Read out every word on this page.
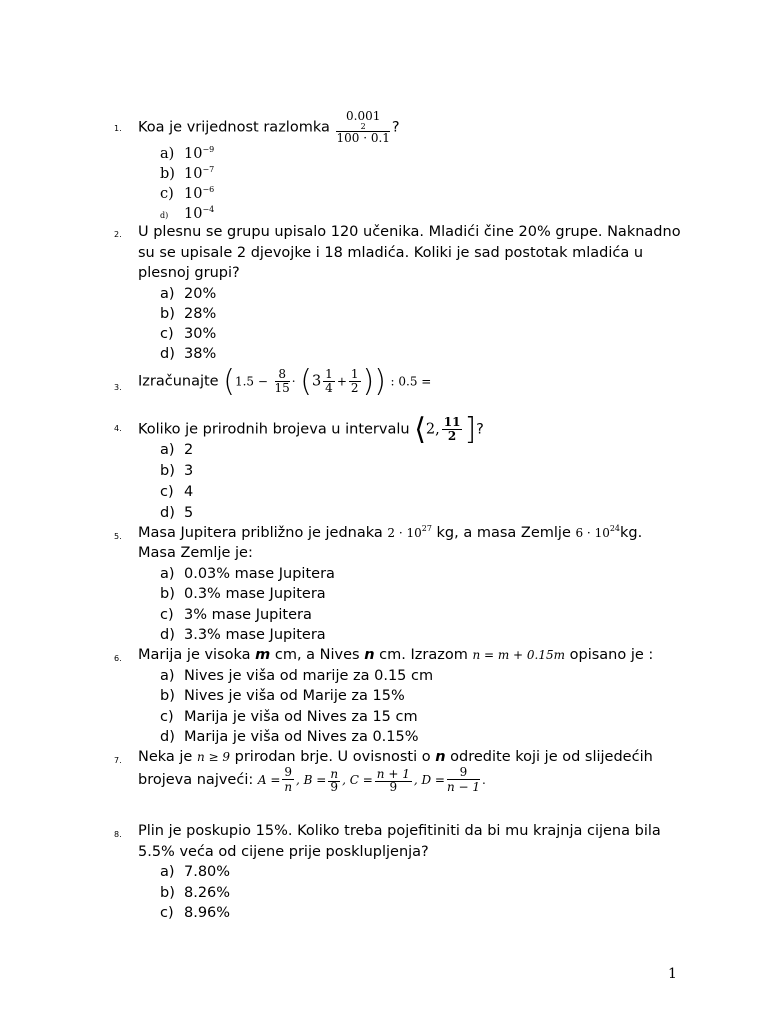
1. Koa je vrijednost razlomka 0.001
2
100 · 0.1 ?
a) $10^{-9}$
b) $10^{-7}$
c) $10^{-6}$
d) $10^{-4}$
2. U plesnu se grupu upisalo 120 učenika. Mladići čine 20% grupe. Naknadno
su se upisale 2 djevojke i 18 mladića. Koliki je sad postotak mladića u
plesnoj grupi?
a) 20%
b) 28%
c) 30%
d) 38%
3. Izračunajte ($1.5 - \frac{8}{15} \cdot (3 \frac{1}{4} + \frac{1}{2}$ )) : 0.5 =
4. Koliko je prirodnih brojeva u intervalu ⟨2, $\frac{11}{2}$ ]?
a) 2
b) 3
c) 4
d) 5
5. Masa Jupitera približno je jednaka $2 \cdot 10^{27}$ kg, a masa Zemlje $6 \cdot 10^{24}kg$.
Masa Zemlje je:
a) 0.03% mase Jupitera
b) 0.3% mase Jupitera
c) 3% mase Jupitera
d) 3.3% mase Jupitera
6. Marija je visoka m cm, a Nives n cm. Izrazom n = m + 0.15m opisano je :
a) Nives je viša od marije za 0.15 cm
b) Nives je viša od Marije za 15%
c) Marija je viša od Nives za 15 cm
d) Marija je viša od Nives za 0.15%
7. Neka je n ≥ 9 prirodan brje. U ovisnosti o n odredite koji je od slijedećih
brojeva najveći: $A = \frac{9}{n}$ , $B = \frac{n}{9}$ , $C = \frac{n + 1}{9}$ , $D = \frac{9}{n - 1}$ .
8. Plin je poskupio 15%. Koliko treba pojefitiniti da bi mu krajnja cijena bila
5.5% veća od cijene prije posklupljenja?
a) 7.80%
b) 8.26%
c) 8.96%
1
